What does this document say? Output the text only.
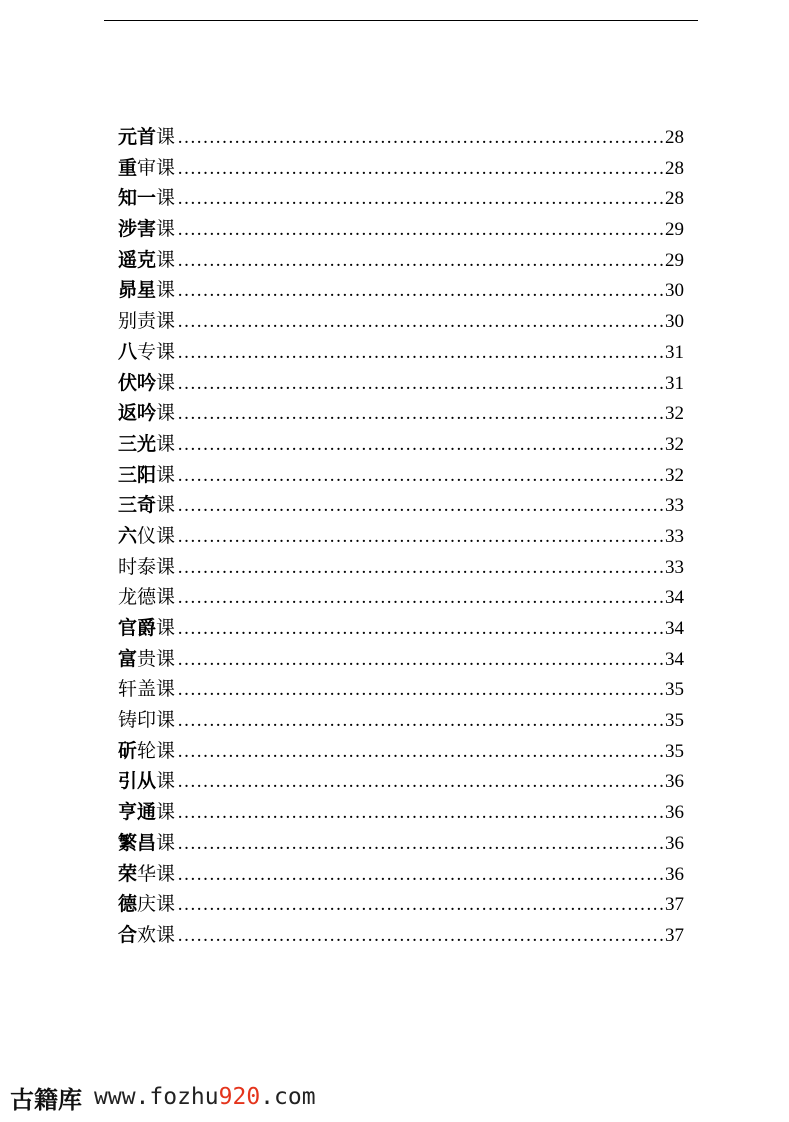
元首课 …………………………………………………………………………………………………………………………………………	28
重审课 …………………………………………………………………………………………………………………………………………	28
知一课 …………………………………………………………………………………………………………………………………………	28
涉害课 …………………………………………………………………………………………………………………………………………	29
遥克课 …………………………………………………………………………………………………………………………………………	29
昴星课 …………………………………………………………………………………………………………………………………………	30
别责课 …………………………………………………………………………………………………………………………………………	30
八专课 …………………………………………………………………………………………………………………………………………	31
伏吟课 …………………………………………………………………………………………………………………………………………	31
返吟课 …………………………………………………………………………………………………………………………………………	32
三光课 …………………………………………………………………………………………………………………………………………	32
三阳课 …………………………………………………………………………………………………………………………………………	32
三奇课 …………………………………………………………………………………………………………………………………………	33
六仪课 …………………………………………………………………………………………………………………………………………	33
时泰课 …………………………………………………………………………………………………………………………………………	33
龙德课 …………………………………………………………………………………………………………………………………………	34
官爵课 …………………………………………………………………………………………………………………………………………	34
富贵课 …………………………………………………………………………………………………………………………………………	34
轩盖课 …………………………………………………………………………………………………………………………………………	35
铸印课 …………………………………………………………………………………………………………………………………………	35
斫轮课 …………………………………………………………………………………………………………………………………………	35
引从课 …………………………………………………………………………………………………………………………………………	36
亨通课 …………………………………………………………………………………………………………………………………………	36
繁昌课 …………………………………………………………………………………………………………………………………………	36
荣华课 …………………………………………………………………………………………………………………………………………	36
德庆课 …………………………………………………………………………………………………………………………………………	37
合欢课 …………………………………………………………………………………………………………………………………………	37
古籍库 www.fozhu920.com
